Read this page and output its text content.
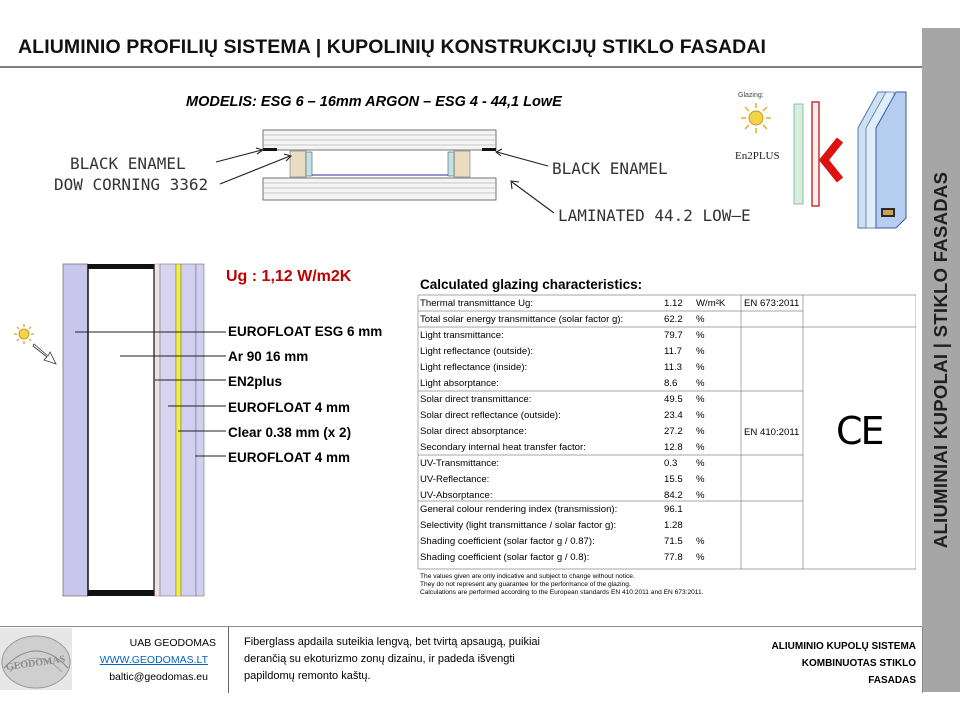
ALIUMINIO PROFILIŲ SISTEMA | KUPOLINIŲ KONSTRUKCIJŲ STIKLO FASADAI
ALIUMINIAI KUPOLAI | STIKLO FASADAS
MODELIS: ESG 6 – 16mm ARGON – ESG 4 - 44,1 LowE
BLACK ENAMEL
DOW CORNING 3362
BLACK ENAMEL
LAMINATED 44.2 LOW–E
Glazing:
En2PLUS
Ug : 1,12 W/m2K
EUROFLOAT ESG 6 mm
Ar 90 16 mm
EN2plus
EUROFLOAT 4 mm
Clear 0.38 mm (x 2)
EUROFLOAT 4 mm
Calculated glazing characteristics:
EN 673:2011
EN 410:2011
Thermal transmittance Ug:	1.12 W/m²K
Total solar energy transmittance (solar factor g):	62.2 %
Light transmittance:	79.7 %
Light reflectance (outside):	11.7 %
Light reflectance (inside):	11.3 %
Light absorptance:	8.6 %
Solar direct transmittance:	49.5 %
Solar direct reflectance (outside):	23.4 %
Solar direct absorptance:	27.2 %
Secondary internal heat transfer factor:	12.8 %
UV-Transmittance:	0.3 %
UV-Reflectance:	15.5 %
UV-Absorptance:	84.2 %
General colour rendering index (transmission):	96.1
Selectivity (light transmittance / solar factor g):	1.28
Shading coefficient (solar factor g / 0.87):	71.5 %
Shading coefficient (solar factor g / 0.8):	77.8 %
The values given are only indicative and subject to change without notice.
They do not represent any guarantee for the performance of the glazing.
Calculations are performed according to the European standards EN 410:2011 and EN 673:2011.
CE
GEODOMAS
UAB GEODOMAS
WWW.GEODOMAS.LT
baltic@geodomas.eu
Fiberglass apdaila suteikia lengvą, bet tvirtą apsaugą, puikiai derančią su ekoturizmo zonų dizainu, ir padeda išvengti papildomų remonto kaštų.
ALIUMINIO KUPOLŲ SISTEMA
KOMBINUOTAS STIKLO
FASADAS
